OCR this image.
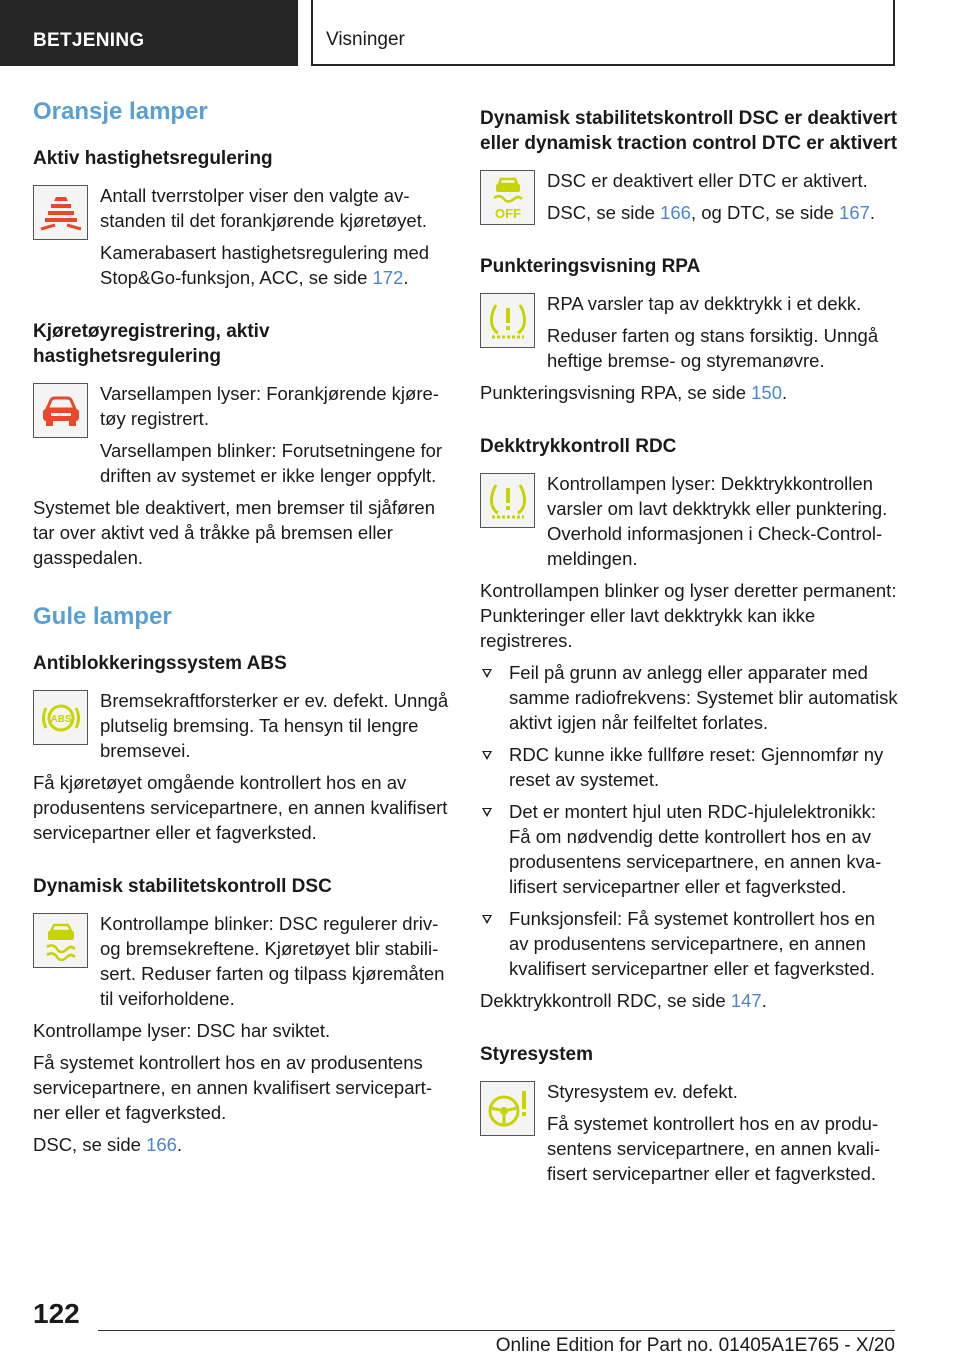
BETJENING	Visninger
Oransje lamper
Aktiv hastighetsregulering

Antall tverrstolper viser den valgte avstanden til det forankjørende kjøretøyet.

Kamerabasert hastighetsregulering med Stop&Go-funksjon, ACC, se side 172.

Kjøretøyregistrering, aktiv hastighetsregulering

Varsellampen lyser: Forankjørende kjøretøy registrert.

Varsellampen blinker: Forutsetningene for driften av systemet er ikke lenger oppfylt.

Systemet ble deaktivert, men bremser til sjåføren tar over aktivt ved å tråkke på bremsen eller gasspedalen.

Gule lamper
Antiblokkeringssystem ABS
ABS

Bremsekraftforsterker er ev. defekt. Unngå plutselig bremsing. Ta hensyn til lengre bremsevei.

Få kjøretøyet omgående kontrollert hos en av produsentens servicepartnere, en annen kvalifisert servicepartner eller et fagverksted.

Dynamisk stabilitetskontroll DSC

Kontrollampe blinker: DSC regulerer driv- og bremsekreftene. Kjøretøyet blir stabilisert. Reduser farten og tilpass kjøremåten til veiforholdene.

Kontrollampe lyser: DSC har sviktet.

Få systemet kontrollert hos en av produsentens servicepartnere, en annen kvalifisert servicepartner eller et fagverksted.

DSC, se side 166.

Dynamisk stabilitetskontroll DSC er deaktivert eller dynamisk traction control DTC er aktivert
OFF

DSC er deaktivert eller DTC er aktivert.

DSC, se side 166, og DTC, se side 167.

Punkteringsvisning RPA

RPA varsler tap av dekktrykk i et dekk.

Reduser farten og stans forsiktig. Unngå heftige bremse- og styremanøvre.

Punkteringsvisning RPA, se side 150.

Dekktrykkontroll RDC

Kontrollampen lyser: Dekktrykkontrollen varsler om lavt dekktrykk eller punktering. Overhold informasjonen i Check-Control-meldingen.

Kontrollampen blinker og lyser deretter permanent: Punkteringer eller lavt dekktrykk kan ikke registreres.

Feil på grunn av anlegg eller apparater med samme radiofrekvens: Systemet blir automatisk aktivt igjen når feilfeltet forlates.
RDC kunne ikke fullføre reset: Gjennomfør ny reset av systemet.
Det er montert hjul uten RDC-hjulelektronikk: Få om nødvendig dette kontrollert hos en av produsentens servicepartnere, en annen kvalifisert servicepartner eller et fagverksted.
Funksjonsfeil: Få systemet kontrollert hos en av produsentens servicepartnere, en annen kvalifisert servicepartner eller et fagverksted.

Dekktrykkontroll RDC, se side 147.

Styresystem

Styresystem ev. defekt.

Få systemet kontrollert hos en av produsentens servicepartnere, en annen kvalifisert servicepartner eller et fagverksted.

122
Online Edition for Part no. 01405A1E765 - X/20
